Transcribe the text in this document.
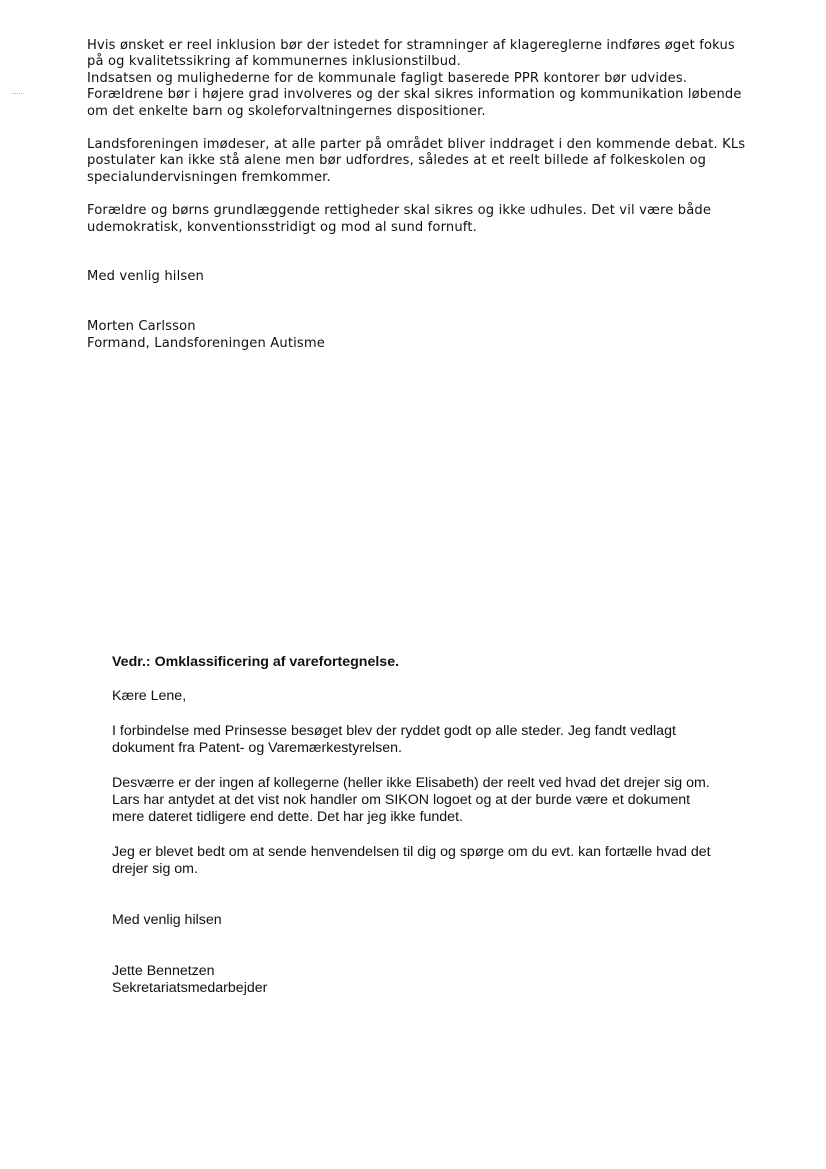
Hvis ønsket er reel inklusion bør der istedet for stramninger af klagereglerne indføres øget fokus
på og kvalitetssikring af kommunernes inklusionstilbud.
Indsatsen og mulighederne for de kommunale fagligt baserede PPR kontorer bør udvides.
Forældrene bør i højere grad involveres og der skal sikres information og kommunikation løbende
om det enkelte barn og skoleforvaltningernes dispositioner.

Landsforeningen imødeser, at alle parter på området bliver inddraget i den kommende debat. KLs
postulater kan ikke stå alene men bør udfordres, således at et reelt billede af folkeskolen og
specialundervisningen fremkommer.

Forældre og børns grundlæggende rettigheder skal sikres og ikke udhules. Det vil være både
udemokratisk, konventionsstridigt og mod al sund fornuft.

Med venlig hilsen

Morten Carlsson
Formand, Landsforeningen Autisme

Vedr.: Omklassificering af varefortegnelse.

Kære Lene,

I forbindelse med Prinsesse besøget blev der ryddet godt op alle steder. Jeg fandt vedlagt
dokument fra Patent- og Varemærkestyrelsen.

Desværre er der ingen af kollegerne (heller ikke Elisabeth) der reelt ved hvad det drejer sig om.
Lars har antydet at det vist nok handler om SIKON logoet og at der burde være et dokument
mere dateret tidligere end dette. Det har jeg ikke fundet.

Jeg er blevet bedt om at sende henvendelsen til dig og spørge om du evt. kan fortælle hvad det
drejer sig om.

Med venlig hilsen

Jette Bennetzen
Sekretariatsmedarbejder
